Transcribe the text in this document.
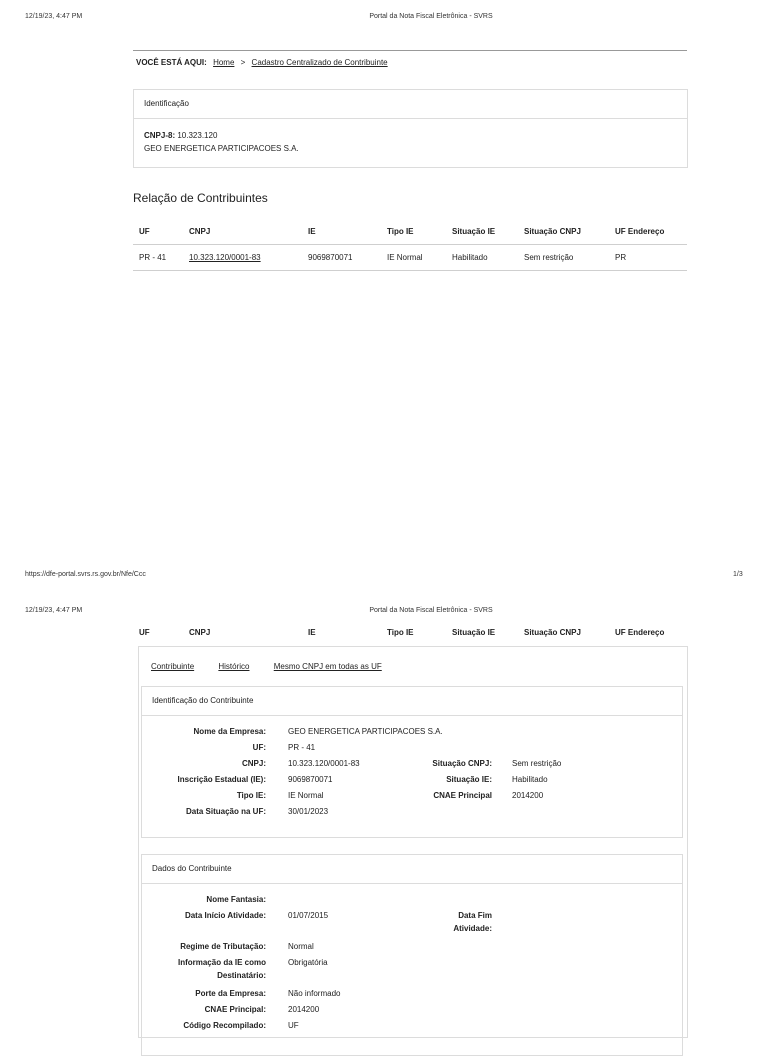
12/19/23, 4:47 PM	Portal da Nota Fiscal Eletrônica - SVRS
VOCÊ ESTÁ AQUI: Home > Cadastro Centralizado de Contribuinte
Identificação
CNPJ-8: 10.323.120
GEO ENERGETICA PARTICIPACOES S.A.
Relação de Contribuintes
UF	CNPJ	IE	Tipo IE	Situação IE	Situação CNPJ	UF Endereço
PR - 41	10.323.120/0001-83	9069870071	IE Normal	Habilitado	Sem restrição	PR
https://dfe-portal.svrs.rs.gov.br/Nfe/Ccc	1/3
12/19/23, 4:47 PM	Portal da Nota Fiscal Eletrônica - SVRS
UF	CNPJ	IE	Tipo IE	Situação IE	Situação CNPJ	UF Endereço
Contribuinte	Histórico	Mesmo CNPJ em todas as UF
Identificação do Contribuinte
Nome da Empresa:	GEO ENERGETICA PARTICIPACOES S.A.
UF:	PR - 41
CNPJ:	10.323.120/0001-83	Situação CNPJ:	Sem restrição
Inscrição Estadual (IE):	9069870071	Situação IE:	Habilitado
Tipo IE:	IE Normal	CNAE Principal	2014200
Data Situação na UF:	30/01/2023
Dados do Contribuinte
Nome Fantasia:
Data Início Atividade:	01/07/2015	Data Fim
Atividade:
Regime de Tributação:	Normal
Informação da IE como
Destinatário:
Obrigatória
Porte da Empresa:	Não informado
CNAE Principal:	2014200
Código Recompilado:	UF
